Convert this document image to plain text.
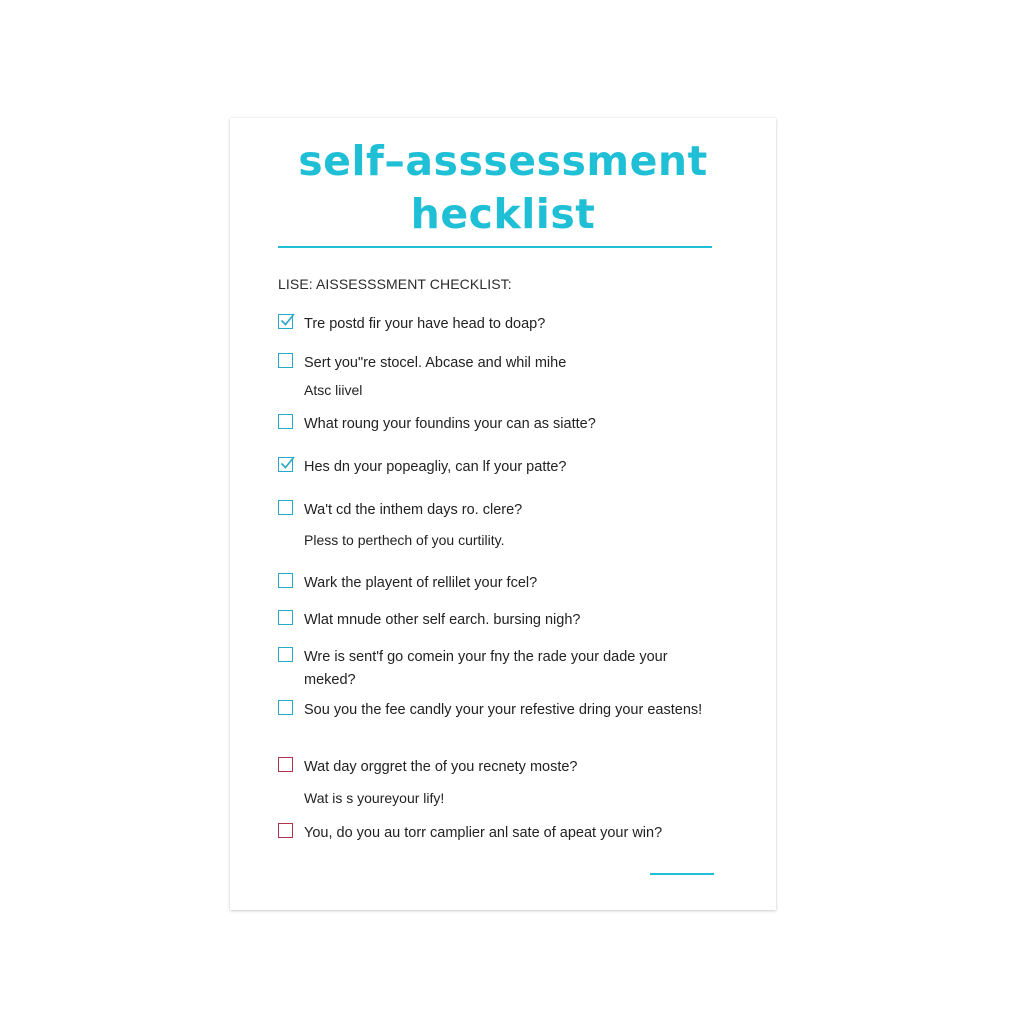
self–asssessment
hecklist
LISE: AISSESSSMENT CHECKLIST:
Tre postd fir your have head to doap?
Sert you"re stocel. Abcase and whil mihe
Atsc liivel
What roung your foundins your can as siatte?
Hes dn your popeagliy, can lf your patte?
Wa't cd the inthem days ro. clere?
Pless to perthech of you curtility.
Wark the playent of rellilet your fcel?
Wlat mnude other self earch. bursing nigh?
Wre is sent'f go comein your fny the rade your dade your meked?
Sou you the fee candly your your refestive dring your eastens!
Wat day orggret the of you recnety moste?
Wat is s youreyour lify!
You, do you au torr camplier anl sate of apeat your win?
